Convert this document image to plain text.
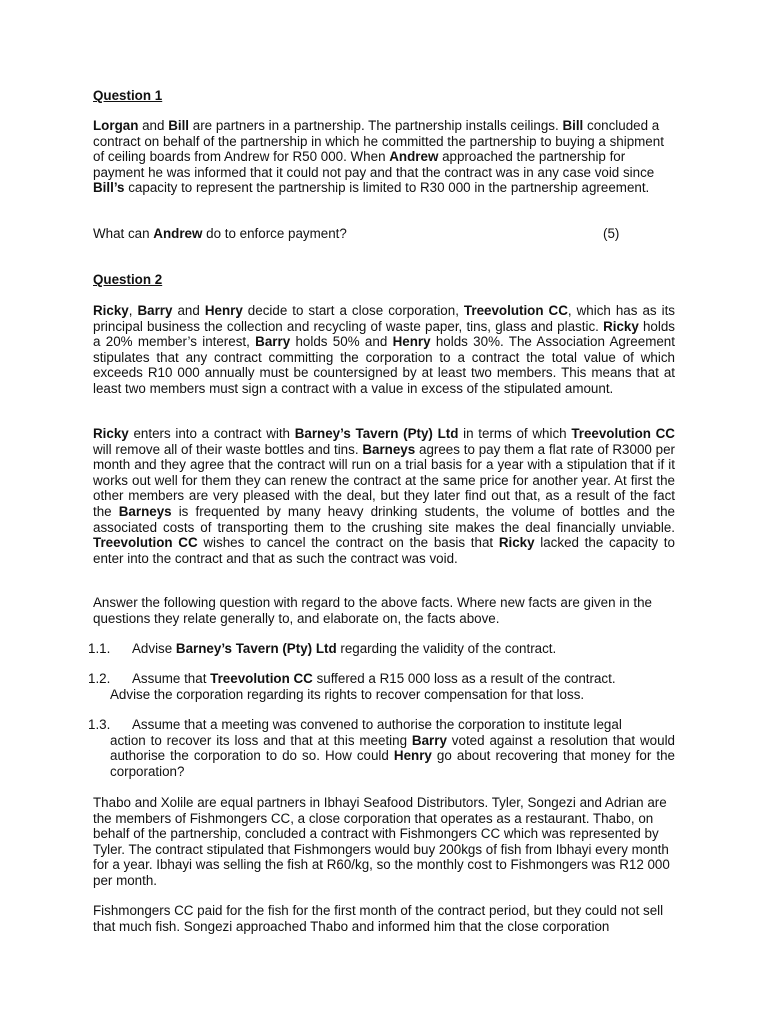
Question 1

Lorgan and Bill are partners in a partnership. The partnership installs ceilings. Bill concluded a contract on behalf of the partnership in which he committed the partnership to buying a shipment of ceiling boards from Andrew for R50 000. When Andrew approached the partnership for payment he was informed that it could not pay and that the contract was in any case void since Bill’s capacity to represent the partnership is limited to R30 000 in the partnership agreement.

What can Andrew do to enforce payment?	(5)

Question 2

Ricky, Barry and Henry decide to start a close corporation, Treevolution CC, which has as its principal business the collection and recycling of waste paper, tins, glass and plastic. Ricky holds a 20% member’s interest, Barry holds 50% and Henry holds 30%. The Association Agreement stipulates that any contract committing the corporation to a contract the total value of which exceeds R10 000 annually must be countersigned by at least two members. This means that at least two members must sign a contract with a value in excess of the stipulated amount.

Ricky enters into a contract with Barney’s Tavern (Pty) Ltd in terms of which Treevolution CC will remove all of their waste bottles and tins. Barneys agrees to pay them a flat rate of R3000 per month and they agree that the contract will run on a trial basis for a year with a stipulation that if it works out well for them they can renew the contract at the same price for another year. At first the other members are very pleased with the deal, but they later find out that, as a result of the fact the Barneys is frequented by many heavy drinking students, the volume of bottles and the associated costs of transporting them to the crushing site makes the deal financially unviable. Treevolution CC wishes to cancel the contract on the basis that Ricky lacked the capacity to enter into the contract and that as such the contract was void.

Answer the following question with regard to the above facts. Where new facts are given in the questions they relate generally to, and elaborate on, the facts above.

1.1. Advise Barney’s Tavern (Pty) Ltd regarding the validity of the contract.

1.2. Assume that Treevolution CC suffered a R15 000 loss as a result of the contract.
Advise the corporation regarding its rights to recover compensation for that loss.

1.3. Assume that a meeting was convened to authorise the corporation to institute legal
action to recover its loss and that at this meeting Barry voted against a resolution that would authorise the corporation to do so. How could Henry go about recovering that money for the corporation?

Thabo and Xolile are equal partners in Ibhayi Seafood Distributors. Tyler, Songezi and Adrian are the members of Fishmongers CC, a close corporation that operates as a restaurant. Thabo, on behalf of the partnership, concluded a contract with Fishmongers CC which was represented by Tyler. The contract stipulated that Fishmongers would buy 200kgs of fish from Ibhayi every month for a year. Ibhayi was selling the fish at R60/kg, so the monthly cost to Fishmongers was R12 000 per month.

Fishmongers CC paid for the fish for the first month of the contract period, but they could not sell that much fish. Songezi approached Thabo and informed him that the close corporation
